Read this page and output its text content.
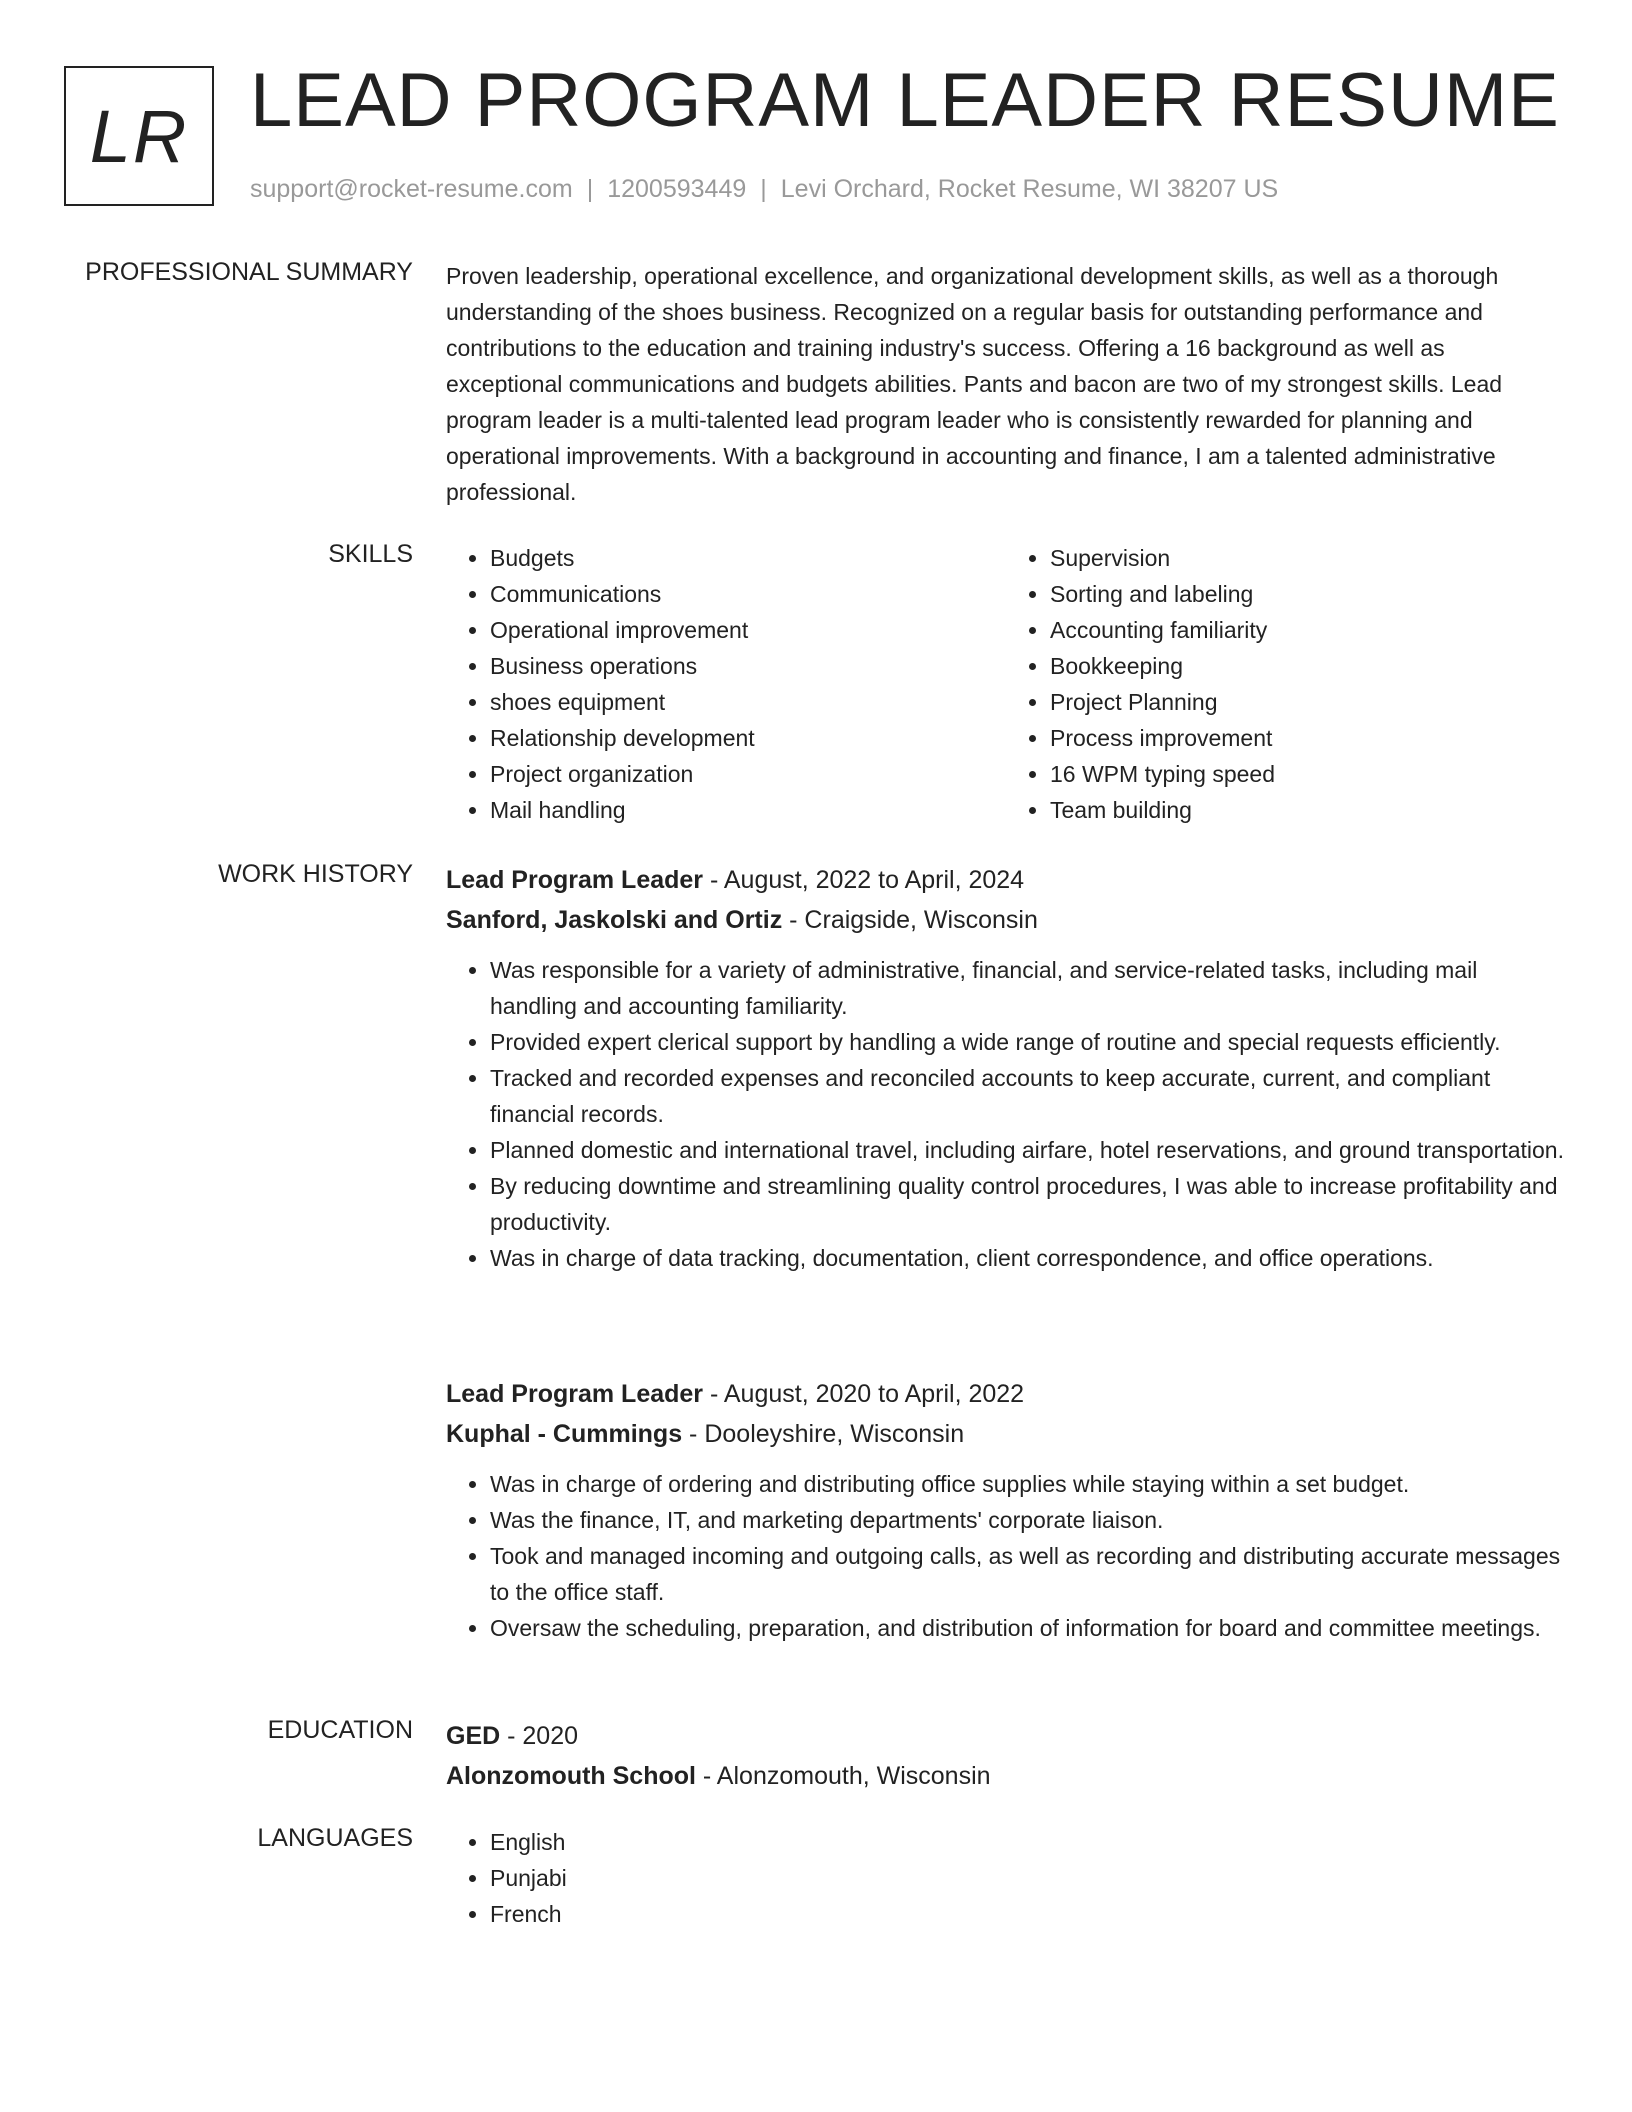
LR LEAD PROGRAM LEADER RESUME
support@rocket-resume.com | 1200593449 | Levi Orchard, Rocket Resume, WI 38207 US
PROFESSIONAL SUMMARY Proven leadership, operational excellence, and organizational development skills, as well as a thorough understanding of the shoes business. Recognized on a regular basis for outstanding performance and contributions to the education and training industry's success. Offering a 16 background as well as exceptional communications and budgets abilities. Pants and bacon are two of my strongest skills. Lead program leader is a multi-talented lead program leader who is consistently rewarded for planning and operational improvements. With a background in accounting and finance, I am a talented administrative professional.

SKILLS	• Budgets
• Communications
• Operational improvement
• Business operations
• shoes equipment
• Relationship development
• Project organization
• Mail handling
• Supervision
• Sorting and labeling
• Accounting familiarity
• Bookkeeping
• Project Planning
• Process improvement
• 16 WPM typing speed
• Team building
WORK HISTORY Lead Program Leader - August, 2022 to April, 2024
Sanford, Jaskolski and Ortiz - Craigside, Wisconsin
• Was responsible for a variety of administrative, financial, and service-related tasks, including mail handling and accounting familiarity.
• Provided expert clerical support by handling a wide range of routine and special requests efficiently.
• Tracked and recorded expenses and reconciled accounts to keep accurate, current, and compliant financial records.
• Planned domestic and international travel, including airfare, hotel reservations, and ground transportation.
• By reducing downtime and streamlining quality control procedures, I was able to increase profitability and productivity.
• Was in charge of data tracking, documentation, client correspondence, and office operations.
Lead Program Leader - August, 2020 to April, 2022
Kuphal - Cummings - Dooleyshire, Wisconsin
• Was in charge of ordering and distributing office supplies while staying within a set budget.
• Was the finance, IT, and marketing departments' corporate liaison.
• Took and managed incoming and outgoing calls, as well as recording and distributing accurate messages to the office staff.
• Oversaw the scheduling, preparation, and distribution of information for board and committee meetings.
EDUCATION GED - 2020
Alonzomouth School - Alonzomouth, Wisconsin
LANGUAGES	• English
• Punjabi
• French
